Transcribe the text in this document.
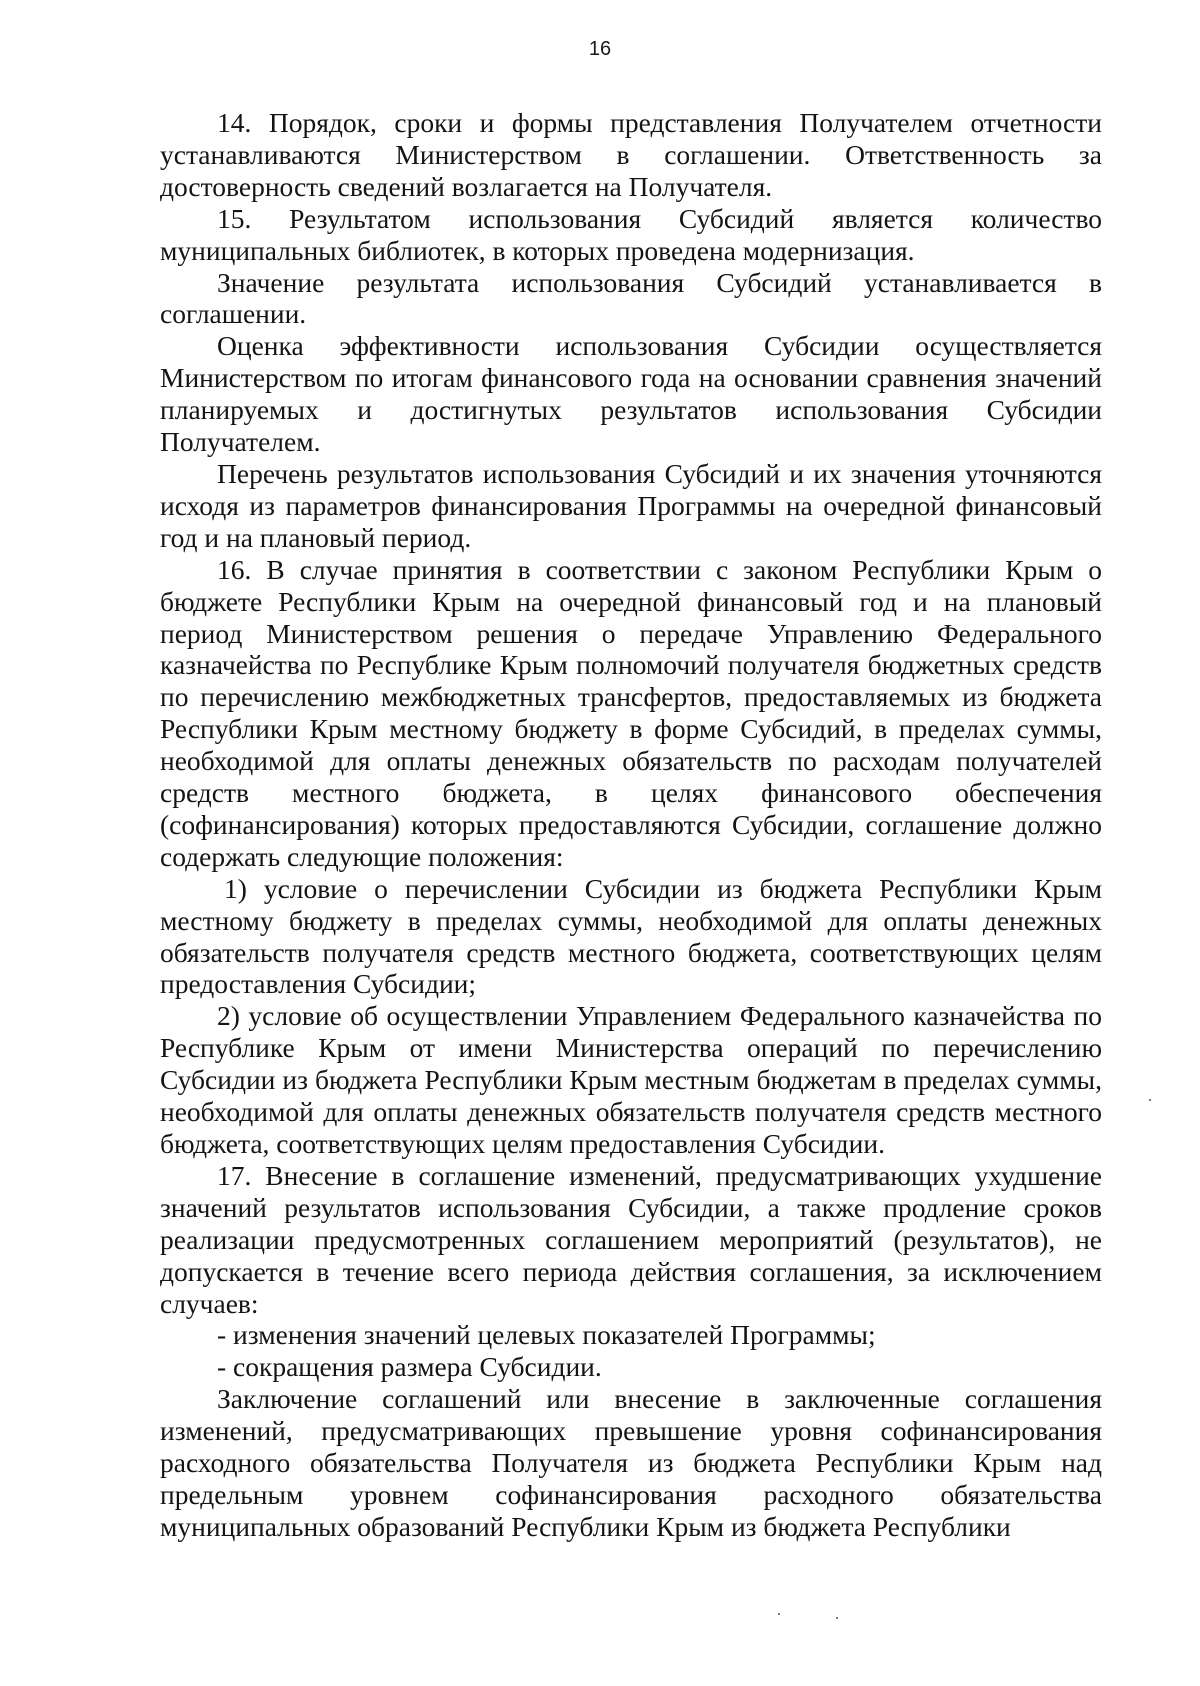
16

14. Порядок, сроки и формы представления Получателем отчетности устанавливаются Министерством в соглашении. Ответственность за достоверность сведений возлагается на Получателя.

15. Результатом использования Субсидий является количество муниципальных библиотек, в которых проведена модернизация.

Значение результата использования Субсидий устанавливается в соглашении.

Оценка эффективности использования Субсидии осуществляется Министерством по итогам финансового года на основании сравнения значений планируемых и достигнутых результатов использования Субсидии Получателем.

Перечень результатов использования Субсидий и их значения уточняются исходя из параметров финансирования Программы на очередной финансовый год и на плановый период.

16. В случае принятия в соответствии с законом Республики Крым о бюджете Республики Крым на очередной финансовый год и на плановый период Министерством решения о передаче Управлению Федерального казначейства по Республике Крым полномочий получателя бюджетных средств по перечислению межбюджетных трансфертов, предоставляемых из бюджета Республики Крым местному бюджету в форме Субсидий, в пределах суммы, необходимой для оплаты денежных обязательств по расходам получателей средств местного бюджета, в целях финансового обеспечения (софинансирования) которых предоставляются Субсидии, соглашение должно содержать следующие положения:

1) условие о перечислении Субсидии из бюджета Республики Крым местному бюджету в пределах суммы, необходимой для оплаты денежных обязательств получателя средств местного бюджета, соответствующих целям предоставления Субсидии;

2) условие об осуществлении Управлением Федерального казначейства по Республике Крым от имени Министерства операций по перечислению Субсидии из бюджета Республики Крым местным бюджетам в пределах суммы, необходимой для оплаты денежных обязательств получателя средств местного бюджета, соответствующих целям предоставления Субсидии.

17. Внесение в соглашение изменений, предусматривающих ухудшение значений результатов использования Субсидии, а также продление сроков реализации предусмотренных соглашением мероприятий (результатов), не допускается в течение всего периода действия соглашения, за исключением случаев:

- изменения значений целевых показателей Программы;

- сокращения размера Субсидии.

Заключение соглашений или внесение в заключенные соглашения изменений, предусматривающих превышение уровня софинансирования расходного обязательства Получателя из бюджета Республики Крым над предельным уровнем софинансирования расходного обязательства муниципальных образований Республики Крым из бюджета Республики
